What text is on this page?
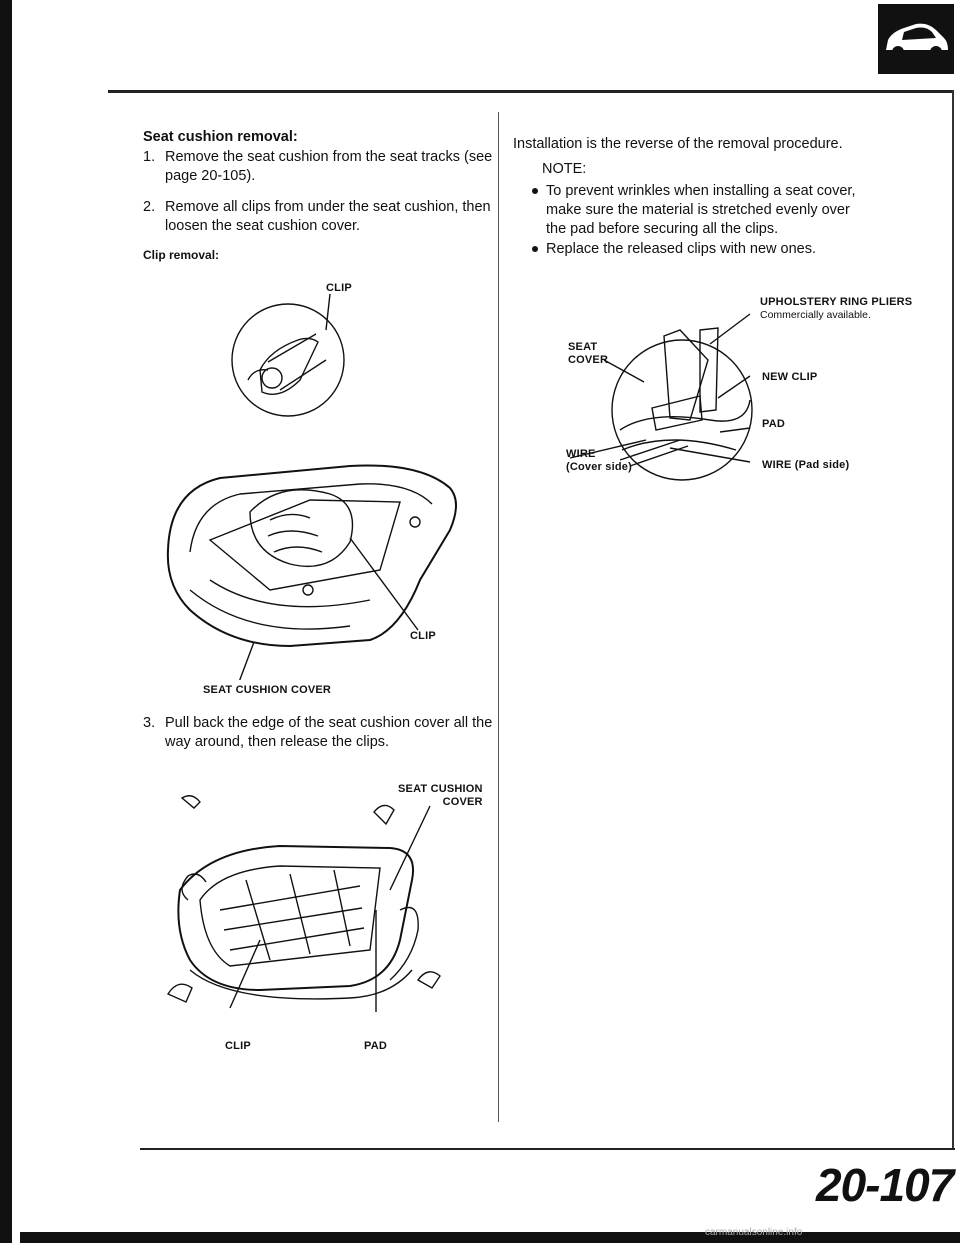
Seat cushion removal:
1. Remove the seat cushion from the seat tracks (see
page 20-105).
2. Remove all clips from under the seat cushion, then
loosen the seat cushion cover.
Clip removal:
CLIP
CLIP
SEAT CUSHION COVER
3. Pull back the edge of the seat cushion cover all the
way around, then release the clips.
SEAT CUSHION
COVER
CLIP	PAD
Installation is the reverse of the removal procedure.
NOTE:
To prevent wrinkles when installing a seat cover,
make sure the material is stretched evenly over
the pad before securing all the clips.
Replace the released clips with new ones.
UPHOLSTERY RING PLIERS
Commercially available.
SEAT
COVER
NEW CLIP
PAD
WIRE
(Cover side)	WIRE (Pad side)
20-107
carmanualsonline.info
